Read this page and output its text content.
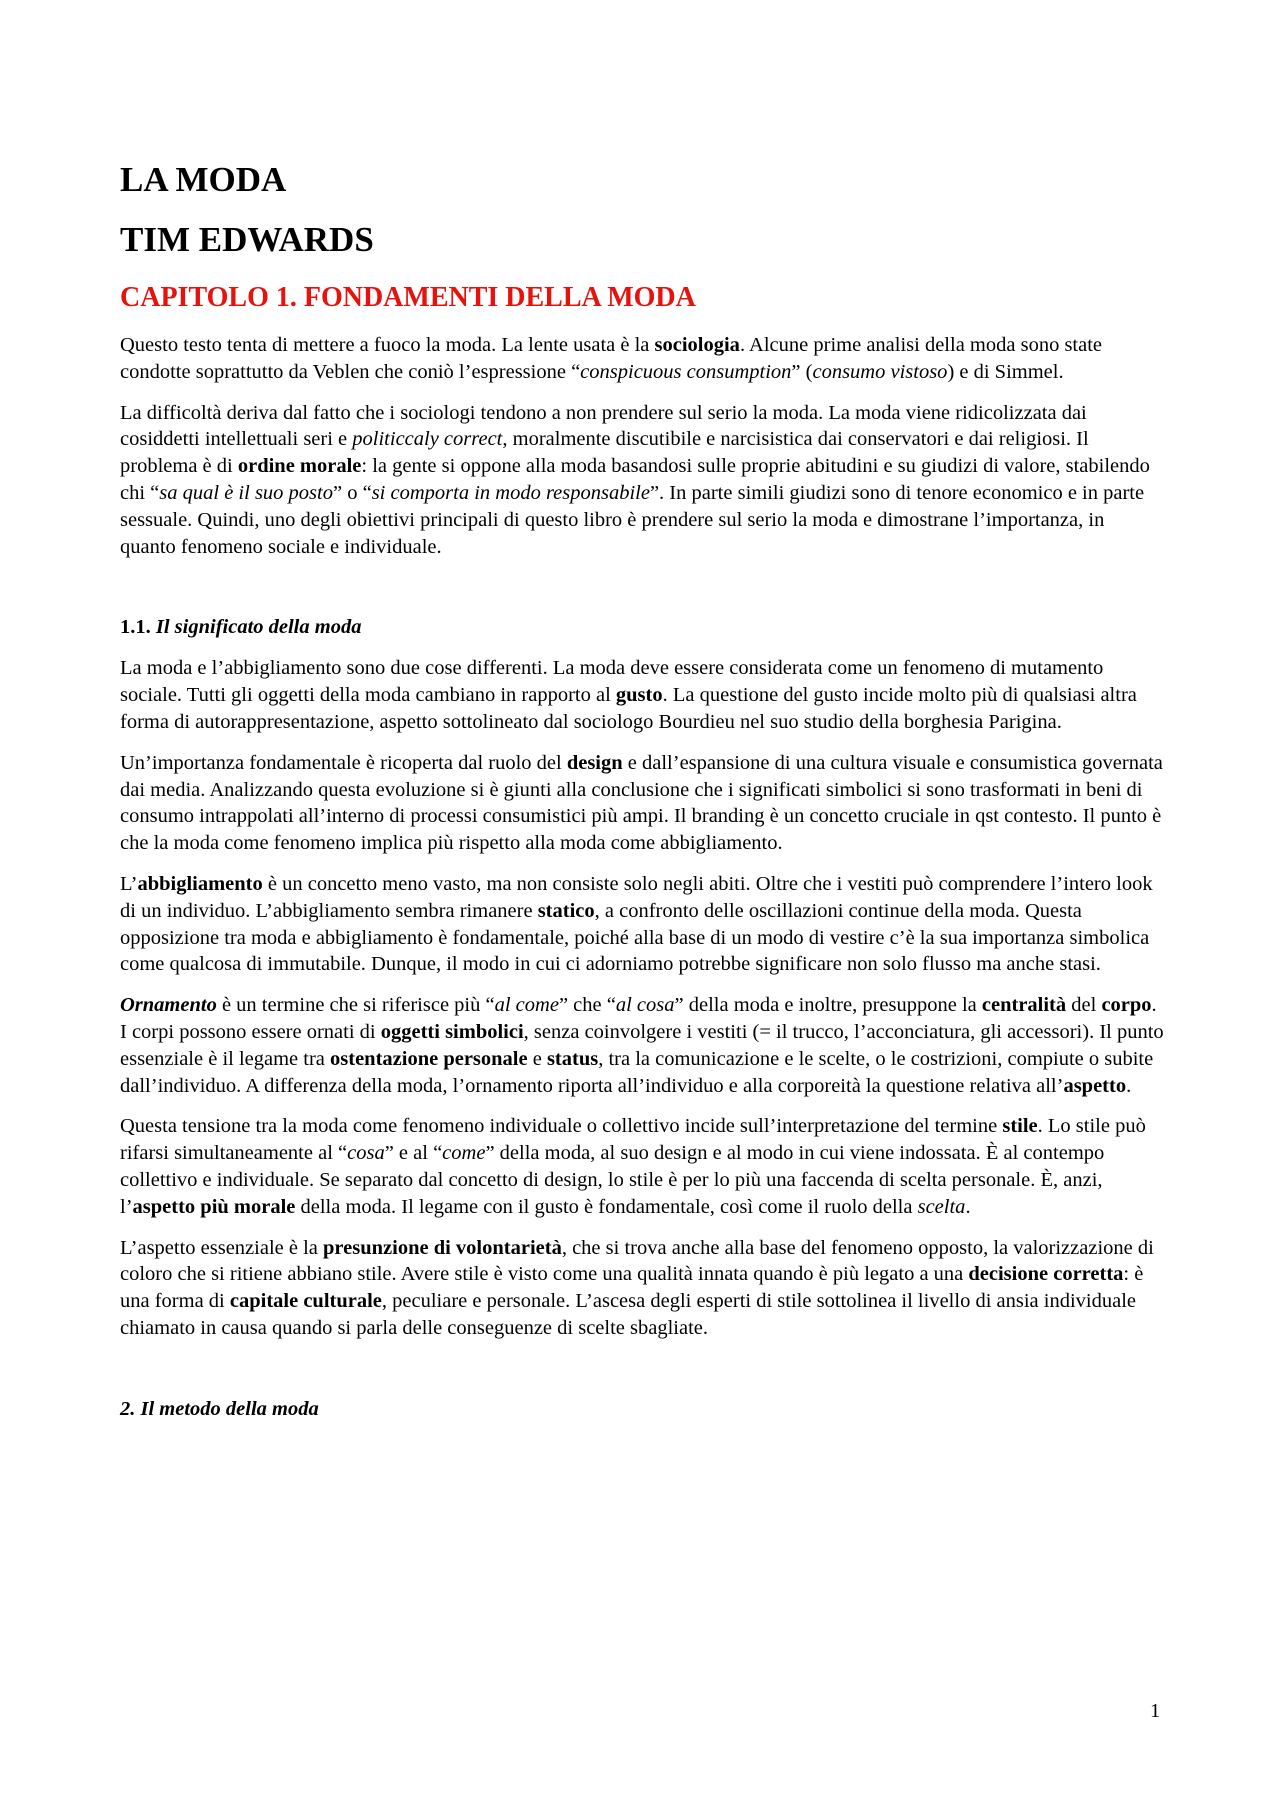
LA MODA
TIM EDWARDS
CAPITOLO 1. FONDAMENTI DELLA MODA

Questo testo tenta di mettere a fuoco la moda. La lente usata è la sociologia. Alcune prime analisi della moda sono state condotte soprattutto da Veblen che coniò l’espressione “conspicuous consumption” (consumo vistoso) e di Simmel.

La difficoltà deriva dal fatto che i sociologi tendono a non prendere sul serio la moda. La moda viene ridicolizzata dai cosiddetti intellettuali seri e politiccaly correct, moralmente discutibile e narcisistica dai conservatori e dai religiosi. Il problema è di ordine morale: la gente si oppone alla moda basandosi sulle proprie abitudini e su giudizi di valore, stabilendo chi “sa qual è il suo posto” o “si comporta in modo responsabile”. In parte simili giudizi sono di tenore economico e in parte sessuale. Quindi, uno degli obiettivi principali di questo libro è prendere sul serio la moda e dimostrane l’importanza, in quanto fenomeno sociale e individuale.

1.1. Il significato della moda

La moda e l’abbigliamento sono due cose differenti. La moda deve essere considerata come un fenomeno di mutamento sociale. Tutti gli oggetti della moda cambiano in rapporto al gusto. La questione del gusto incide molto più di qualsiasi altra forma di autorappresentazione, aspetto sottolineato dal sociologo Bourdieu nel suo studio della borghesia Parigina.

Un’importanza fondamentale è ricoperta dal ruolo del design e dall’espansione di una cultura visuale e consumistica governata dai media. Analizzando questa evoluzione si è giunti alla conclusione che i significati simbolici si sono trasformati in beni di consumo intrappolati all’interno di processi consumistici più ampi. Il branding è un concetto cruciale in qst contesto. Il punto è che la moda come fenomeno implica più rispetto alla moda come abbigliamento.

L’abbigliamento è un concetto meno vasto, ma non consiste solo negli abiti. Oltre che i vestiti può comprendere l’intero look di un individuo. L’abbigliamento sembra rimanere statico, a confronto delle oscillazioni continue della moda. Questa opposizione tra moda e abbigliamento è fondamentale, poiché alla base di un modo di vestire c’è la sua importanza simbolica come qualcosa di immutabile. Dunque, il modo in cui ci adorniamo potrebbe significare non solo flusso ma anche stasi.

Ornamento è un termine che si riferisce più “al come” che “al cosa” della moda e inoltre, presuppone la centralità del corpo. I corpi possono essere ornati di oggetti simbolici, senza coinvolgere i vestiti (= il trucco, l’acconciatura, gli accessori). Il punto essenziale è il legame tra ostentazione personale e status, tra la comunicazione e le scelte, o le costrizioni, compiute o subite dall’individuo. A differenza della moda, l’ornamento riporta all’individuo e alla corporeità la questione relativa all’aspetto.

Questa tensione tra la moda come fenomeno individuale o collettivo incide sull’interpretazione del termine stile. Lo stile può rifarsi simultaneamente al “cosa” e al “come” della moda, al suo design e al modo in cui viene indossata. È al contempo collettivo e individuale. Se separato dal concetto di design, lo stile è per lo più una faccenda di scelta personale. È, anzi, l’aspetto più morale della moda. Il legame con il gusto è fondamentale, così come il ruolo della scelta.

L’aspetto essenziale è la presunzione di volontarietà, che si trova anche alla base del fenomeno opposto, la valorizzazione di coloro che si ritiene abbiano stile. Avere stile è visto come una qualità innata quando è più legato a una decisione corretta: è una forma di capitale culturale, peculiare e personale. L’ascesa degli esperti di stile sottolinea il livello di ansia individuale chiamato in causa quando si parla delle conseguenze di scelte sbagliate.

2. Il metodo della moda
1
